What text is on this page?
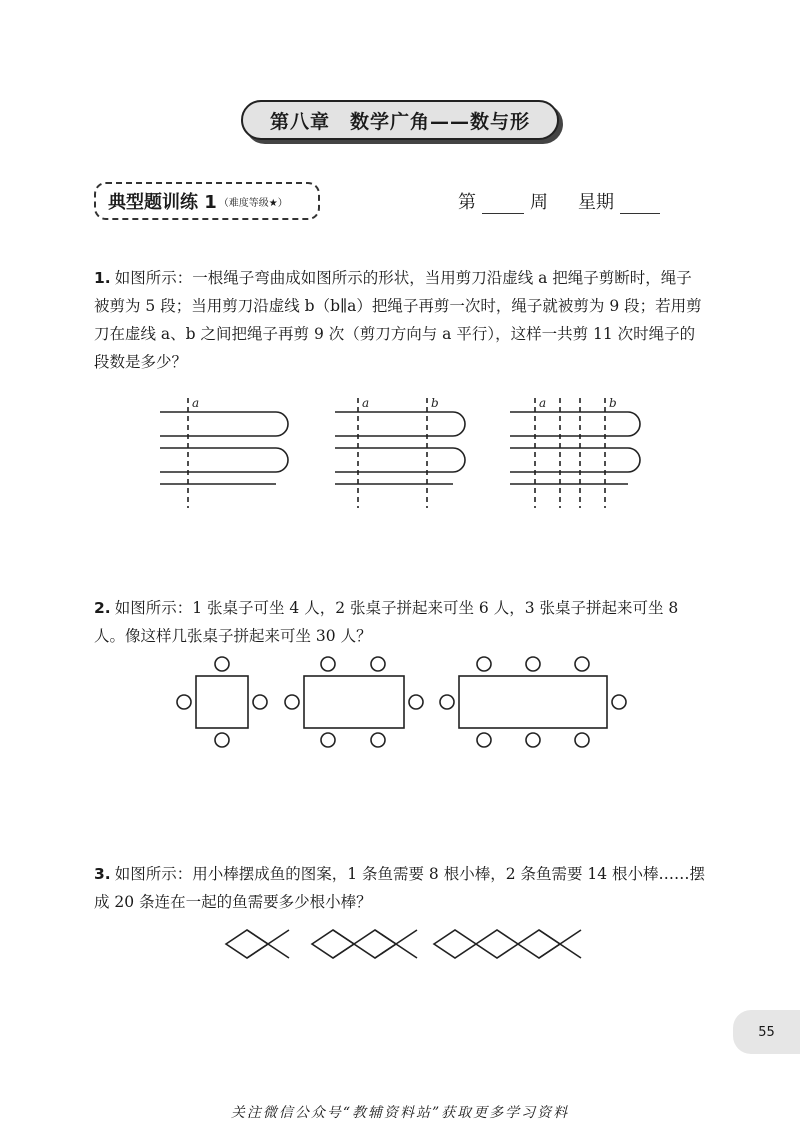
第八章　数学广角——数与形
典型题训练 1 （难度等级★）	第	周 星期

1. 如图所示：一根绳子弯曲成如图所示的形状，当用剪刀沿虚线 a 把绳子剪断时，绳子被剪为 5 段；当用剪刀沿虚线 b（b∥a）把绳子再剪一次时，绳子就被剪为 9 段；若用剪刀在虚线 a、b 之间把绳子再剪 9 次（剪刀方向与 a 平行），这样一共剪 11 次时绳子的段数是多少？

a	a	b	a	b

2. 如图所示：1 张桌子可坐 4 人，2 张桌子拼起来可坐 6 人，3 张桌子拼起来可坐 8 人。像这样几张桌子拼起来可坐 30 人？

3. 如图所示：用小棒摆成鱼的图案，1 条鱼需要 8 根小棒，2 条鱼需要 14 根小棒……摆成 20 条连在一起的鱼需要多少根小棒？

55
关注微信公众号“教辅资料站”获取更多学习资料
